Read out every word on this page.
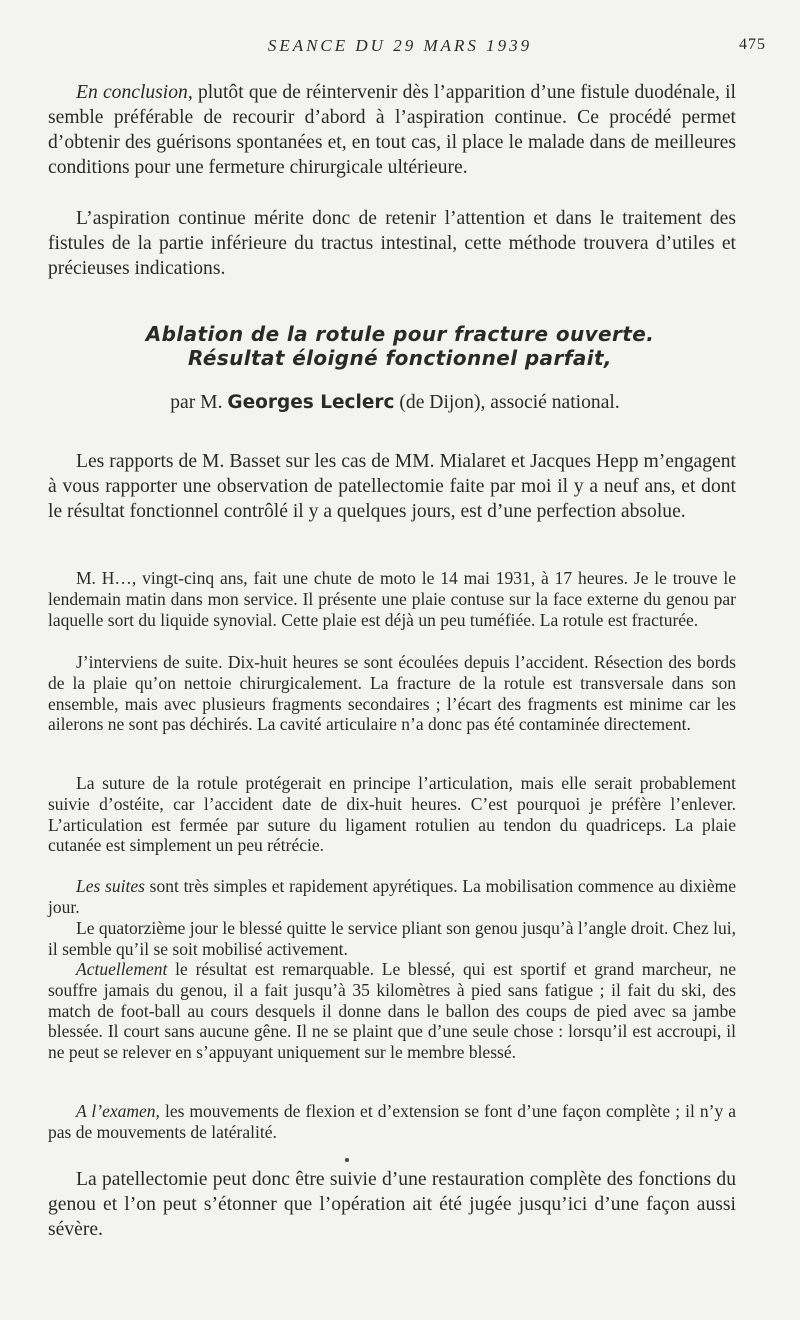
SEANCE DU 29 MARS 1939	475

En conclusion, plutôt que de réintervenir dès l’apparition d’une fistule duodénale, il semble préférable de recourir d’abord à l’aspiration continue. Ce procédé permet d’obtenir des guérisons spontanées et, en tout cas, il place le malade dans de meilleures conditions pour une fermeture chirurgicale ultérieure.

L’aspiration continue mérite donc de retenir l’attention et dans le traitement des fistules de la partie inférieure du tractus intestinal, cette méthode trouvera d’utiles et précieuses indications.

Ablation de la rotule pour fracture ouverte.
Résultat éloigné fonctionnel parfait,
par M. Georges Leclerc (de Dijon), associé national.

Les rapports de M. Basset sur les cas de MM. Mialaret et Jacques Hepp m’engagent à vous rapporter une observation de patellectomie faite par moi il y a neuf ans, et dont le résultat fonctionnel contrôlé il y a quelques jours, est d’une perfection absolue.

M. H…, vingt-cinq ans, fait une chute de moto le 14 mai 1931, à 17 heures. Je le trouve le lendemain matin dans mon service. Il présente une plaie contuse sur la face externe du genou par laquelle sort du liquide synovial. Cette plaie est déjà un peu tuméfiée. La rotule est fracturée.

J’interviens de suite. Dix-huit heures se sont écoulées depuis l’accident. Résection des bords de la plaie qu’on nettoie chirurgicalement. La fracture de la rotule est transversale dans son ensemble, mais avec plusieurs fragments secondaires ; l’écart des fragments est minime car les ailerons ne sont pas déchirés. La cavité articulaire n’a donc pas été contaminée directement.

La suture de la rotule protégerait en principe l’articulation, mais elle serait probablement suivie d’ostéite, car l’accident date de dix-huit heures. C’est pourquoi je préfère l’enlever. L’articulation est fermée par suture du ligament rotulien au tendon du quadriceps. La plaie cutanée est simplement un peu rétrécie.

Les suites sont très simples et rapidement apyrétiques. La mobilisation commence au dixième jour.

Le quatorzième jour le blessé quitte le service pliant son genou jusqu’à l’angle droit. Chez lui, il semble qu’il se soit mobilisé activement.

Actuellement le résultat est remarquable. Le blessé, qui est sportif et grand marcheur, ne souffre jamais du genou, il a fait jusqu’à 35 kilomètres à pied sans fatigue ; il fait du ski, des match de foot-ball au cours desquels il donne dans le ballon des coups de pied avec sa jambe blessée. Il court sans aucune gêne. Il ne se plaint que d’une seule chose : lorsqu’il est accroupi, il ne peut se relever en s’appuyant uniquement sur le membre blessé.

A l’examen, les mouvements de flexion et d’extension se font d’une façon complète ; il n’y a pas de mouvements de latéralité.

La patellectomie peut donc être suivie d’une restauration complète des fonctions du genou et l’on peut s’étonner que l’opération ait été jugée jusqu’ici d’une façon aussi sévère.
